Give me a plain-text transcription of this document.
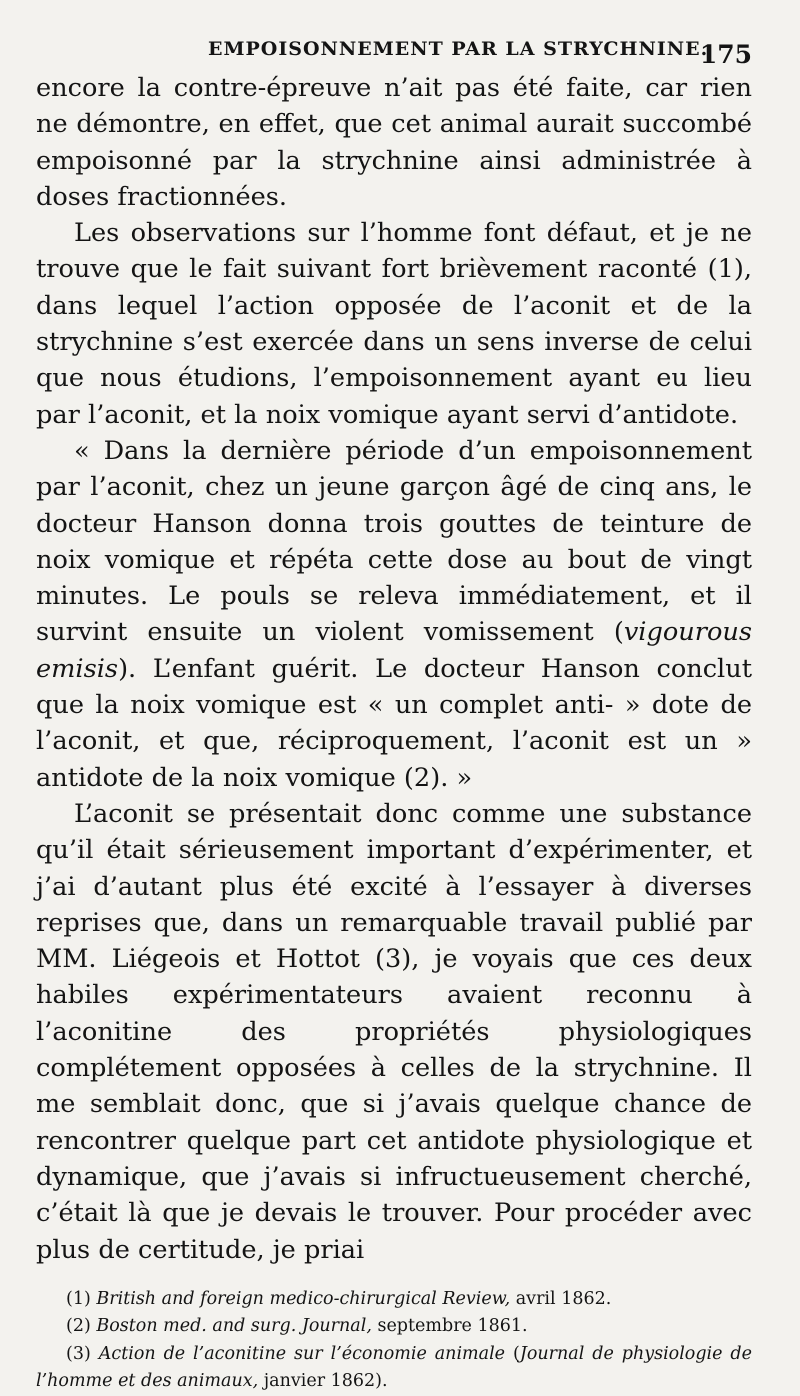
EMPOISONNEMENT PAR LA STRYCHNINE.
175

encore la contre-épreuve n’ait pas été faite, car rien ne démontre, en effet, que cet animal aurait succombé empoisonné par la strychnine ainsi administrée à doses fractionnées.

Les observations sur l’homme font défaut, et je ne trouve que le fait suivant fort brièvement raconté (1), dans lequel l’action opposée de l’aconit et de la strychnine s’est exercée dans un sens inverse de celui que nous étudions, l’empoisonnement ayant eu lieu par l’aconit, et la noix vomique ayant servi d’antidote.

« Dans la dernière période d’un empoisonnement par l’aconit, chez un jeune garçon âgé de cinq ans, le docteur Hanson donna trois gouttes de teinture de noix vomique et répéta cette dose au bout de vingt minutes. Le pouls se releva immédiatement, et il survint ensuite un violent vomissement (vigourous emisis). L’enfant guérit. Le docteur Hanson conclut que la noix vomique est « un complet anti- » dote de l’aconit, et que, réciproquement, l’aconit est un » antidote de la noix vomique (2). »

L’aconit se présentait donc comme une substance qu’il était sérieusement important d’expérimenter, et j’ai d’autant plus été excité à l’essayer à diverses reprises que, dans un remarquable travail publié par MM. Liégeois et Hottot (3), je voyais que ces deux habiles expérimentateurs avaient reconnu à l’aconitine des propriétés physiologiques complétement opposées à celles de la strychnine. Il me semblait donc, que si j’avais quelque chance de rencontrer quelque part cet antidote physiologique et dynamique, que j’avais si infructueusement cherché, c’était là que je devais le trouver. Pour procéder avec plus de certitude, je priai

(1) British and foreign medico-chirurgical Review, avril 1862.

(2) Boston med. and surg. Journal, septembre 1861.

(3) Action de l’aconitine sur l’économie animale (Journal de physiologie de l’homme et des animaux, janvier 1862).
